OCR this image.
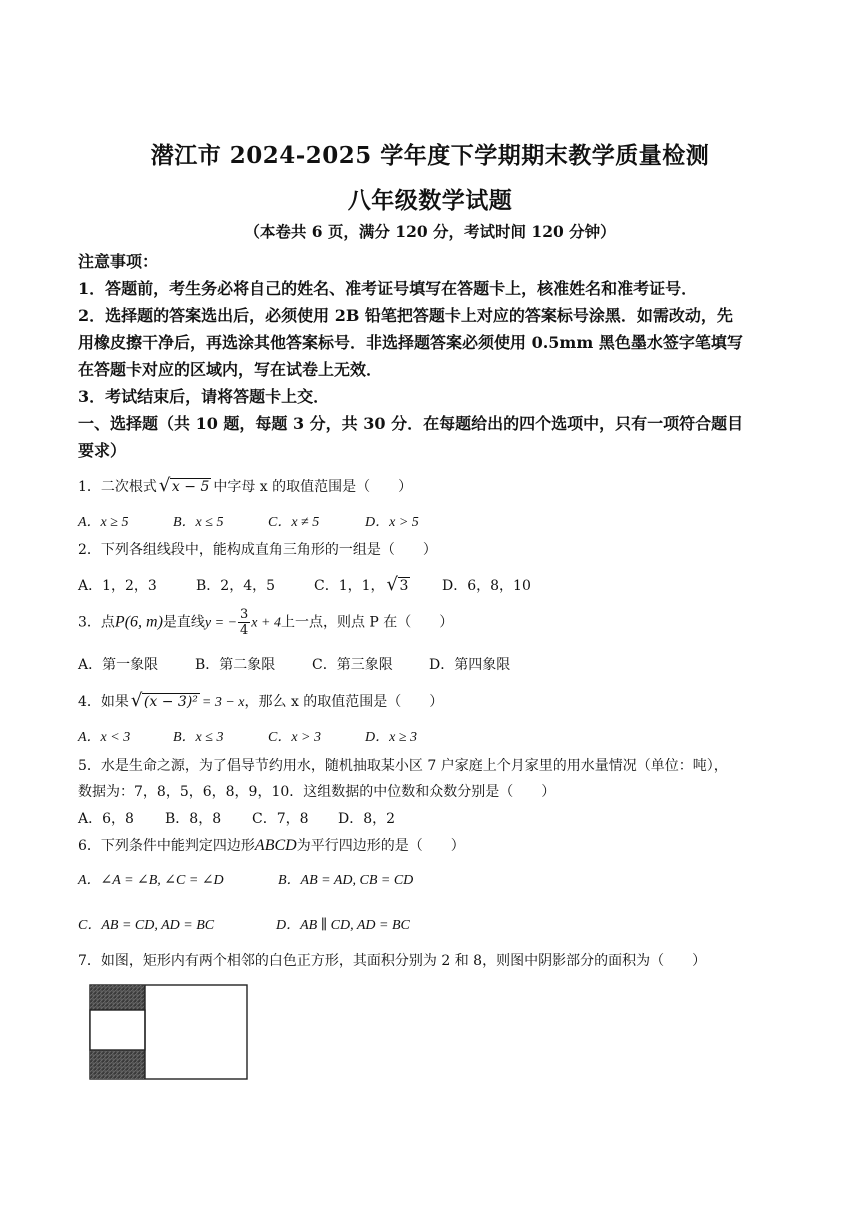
潜江市 2024-2025 学年度下学期期末教学质量检测
八年级数学试题
（本卷共 6 页，满分 120 分，考试时间 120 分钟）
注意事项：
1．答题前，考生务必将自己的姓名、准考证号填写在答题卡上，核准姓名和准考证号．
2．选择题的答案选出后，必须使用 2B 铅笔把答题卡上对应的答案标号涂黑．如需改动，先
用橡皮擦干净后，再选涂其他答案标号．非选择题答案必须使用 0.5mm 黑色墨水签字笔填写
在答题卡对应的区域内，写在试卷上无效．
3．考试结束后，请将答题卡上交．
一、选择题（共 10 题，每题 3 分，共 30 分．在每题给出的四个选项中，只有一项符合题目
要求）
1．二次根式 √ x − 5 中字母 x 的取值范围是（　　）
A．x ≥ 5	B．x ≤ 5	C．x ≠ 5	D．x > 5
2．下列各组线段中，能构成直角三角形的一组是（　　）
A．1，2，3	B．2，4，5	C．1，1， √ 3 D．6，8，10
3．点P(6, m)是直线y = − $\frac{3}{4}$ x + 4上一点，则点 P 在（　　）
A．第一象限	B．第二象限	C．第三象限	D．第四象限
4．如果 √ (x − 3)² = 3 − x，那么 x 的取值范围是（　　）
A．x < 3	B．x ≤ 3	C．x > 3	D．x ≥ 3
5．水是生命之源，为了倡导节约用水，随机抽取某小区 7 户家庭上个月家里的用水量情况（单位：吨），
数据为：7，8，5，6，8，9，10．这组数据的中位数和众数分别是（　　）
A．6，8 B．8，8 C．7，8 D．8，2
6．下列条件中能判定四边形ABCD为平行四边形的是（　　）
A．∠A = ∠B, ∠C = ∠D	B．AB = AD, CB = CD
C．AB = CD, AD = BC	D．AB ∥ CD, AD = BC
7．如图，矩形内有两个相邻的白色正方形，其面积分别为 2 和 8，则图中阴影部分的面积为（　　）
